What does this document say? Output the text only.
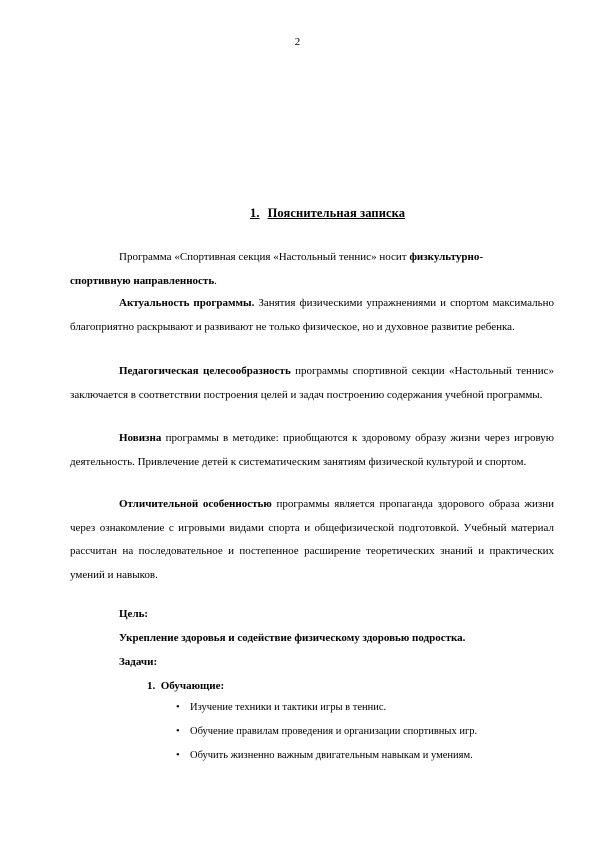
2
1. Пояснительная записка

Программа «Спортивная секция «Настольный теннис» носит физкультурно-
спортивную направленность.

Актуальность программы. Занятия физическими упражнениями и спортом максимально благоприятно раскрывают и развивают не только физическое, но и духовное развитие ребенка.

Педагогическая целесообразность программы спортивной секции «Настольный теннис» заключается в соответствии построения целей и задач построению содержания учебной программы.

Новизна программы в методике: приобщаются к здоровому образу жизни через игровую деятельность. Привлечение детей к систематическим занятиям физической культурой и спортом.

Отличительной особенностью программы является пропаганда здорового образа жизни через ознакомление с игровыми видами спорта и общефизической подготовкой. Учебный материал рассчитан на последовательное и постепенное расширение теоретических знаний и практических умений и навыков.

Цель:
Укрепление здоровья и содействие физическому здоровью подростка.
Задачи:
1. Обучающие:
• Изучение техники и тактики игры в теннис.
• Обучение правилам проведения и организации спортивных игр.
• Обучить жизненно важным двигательным навыкам и умениям.
